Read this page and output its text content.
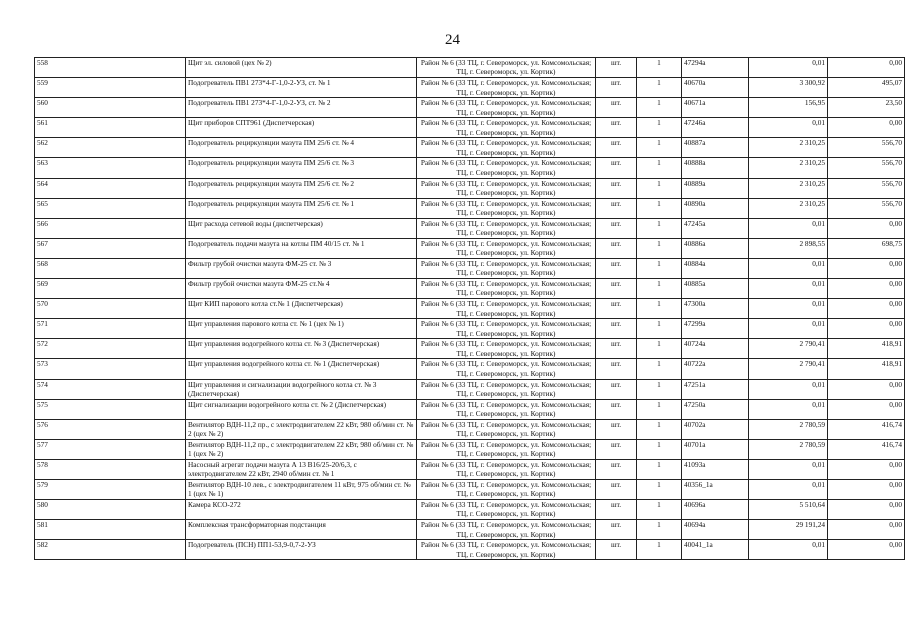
24
558	Щит эл. силовой (цех № 2)	Район № 6 (33 ТЦ, г. Североморск, ул. Комсомольская; ТЦ, г. Североморск, ул. Кортик)	шт.	1	47294а	0,01	0,00
559	Подогреватель ПВ1 273*4-Г-1,0-2-УЗ, ст. № 1	Район № 6 (33 ТЦ, г. Североморск, ул. Комсомольская; ТЦ, г. Североморск, ул. Кортик)	шт.	1	40670а	3 300,92	495,07
560	Подогреватель ПВ1 273*4-Г-1,0-2-УЗ, ст. № 2	Район № 6 (33 ТЦ, г. Североморск, ул. Комсомольская; ТЦ, г. Североморск, ул. Кортик)	шт.	1	40671а	156,95	23,50
561	Щит приборов СПТ961 (Диспетчерская)	Район № 6 (33 ТЦ, г. Североморск, ул. Комсомольская; ТЦ, г. Североморск, ул. Кортик)	шт.	1	47246а	0,01	0,00
562	Подогреватель рециркуляции мазута ПМ 25/6 ст. № 4	Район № 6 (33 ТЦ, г. Североморск, ул. Комсомольская; ТЦ, г. Североморск, ул. Кортик)	шт.	1	40887а	2 310,25	556,70
563	Подогреватель рециркуляции мазута ПМ 25/6 ст. № 3	Район № 6 (33 ТЦ, г. Североморск, ул. Комсомольская; ТЦ, г. Североморск, ул. Кортик)	шт.	1	40888а	2 310,25	556,70
564	Подогреватель рециркуляции мазута ПМ 25/6 ст. № 2	Район № 6 (33 ТЦ, г. Североморск, ул. Комсомольская; ТЦ, г. Североморск, ул. Кортик)	шт.	1	40889а	2 310,25	556,70
565	Подогреватель рециркуляции мазута ПМ 25/6 ст. № 1	Район № 6 (33 ТЦ, г. Североморск, ул. Комсомольская; ТЦ, г. Североморск, ул. Кортик)	шт.	1	40890а	2 310,25	556,70
566	Щит расхода сетевой воды (диспетчерская)	Район № 6 (33 ТЦ, г. Североморск, ул. Комсомольская; ТЦ, г. Североморск, ул. Кортик)	шт.	1	47245а	0,01	0,00
567	Подогреватель подачи мазута на котлы ПМ 40/15 ст. № 1	Район № 6 (33 ТЦ, г. Североморск, ул. Комсомольская; ТЦ, г. Североморск, ул. Кортик)	шт.	1	40886а	2 898,55	698,75
568	Фильтр грубой очистки мазута ФМ-25 ст. № 3	Район № 6 (33 ТЦ, г. Североморск, ул. Комсомольская; ТЦ, г. Североморск, ул. Кортик)	шт.	1	40884а	0,01	0,00
569	Фильтр грубой очистки мазута ФМ-25 ст.№ 4	Район № 6 (33 ТЦ, г. Североморск, ул. Комсомольская; ТЦ, г. Североморск, ул. Кортик)	шт.	1	40885а	0,01	0,00
570	Щит КИП парового котла ст.№ 1 (Диспетчерская)	Район № 6 (33 ТЦ, г. Североморск, ул. Комсомольская; ТЦ, г. Североморск, ул. Кортик)	шт.	1	47300а	0,01	0,00
571	Щит управления парового котла ст. № 1 (цех № 1)	Район № 6 (33 ТЦ, г. Североморск, ул. Комсомольская; ТЦ, г. Североморск, ул. Кортик)	шт.	1	47299а	0,01	0,00
572	Щит управления водогрейного котла ст. № 3 (Диспетчерская)	Район № 6 (33 ТЦ, г. Североморск, ул. Комсомольская; ТЦ, г. Североморск, ул. Кортик)	шт.	1	40724а	2 790,41	418,91
573	Щит управления водогрейного котла ст. № 1 (Диспетчерская)	Район № 6 (33 ТЦ, г. Североморск, ул. Комсомольская; ТЦ, г. Североморск, ул. Кортик)	шт.	1	40722а	2 790,41	418,91
574	Щит управления и сигнализации водогрейного котла ст. № 3 (Диспетчерская)	Район № 6 (33 ТЦ, г. Североморск, ул. Комсомольская; ТЦ, г. Североморск, ул. Кортик)	шт.	1	47251а	0,01	0,00
575	Щит сигнализации водогрейного котла ст. № 2 (Диспетчерская)	Район № 6 (33 ТЦ, г. Североморск, ул. Комсомольская; ТЦ, г. Североморск, ул. Кортик)	шт.	1	47250а	0,01	0,00
576	Вентилятор ВДН-11,2 пр., с электродвигателем 22 кВт, 980 об/мин ст. № 2 (цех № 2)	Район № 6 (33 ТЦ, г. Североморск, ул. Комсомольская; ТЦ, г. Североморск, ул. Кортик)	шт.	1	40702а	2 780,59	416,74
577	Вентилятор ВДН-11,2 пр., с электродвигателем 22 кВт, 980 об/мин ст. № 1 (цех № 2)	Район № 6 (33 ТЦ, г. Североморск, ул. Комсомольская; ТЦ, г. Североморск, ул. Кортик)	шт.	1	40701а	2 780,59	416,74
578	Насосный агрегат подачи мазута А 13 В16/25-20/6,3, с электродвигателем 22 кВт, 2940 об/мин ст. № 1	Район № 6 (33 ТЦ, г. Североморск, ул. Комсомольская; ТЦ, г. Североморск, ул. Кортик)	шт.	1	41093а	0,01	0,00
579	Вентилятор ВДН-10 лев., с электродвигателем 11 кВт, 975 об/мин ст. № 1 (цех № 1)	Район № 6 (33 ТЦ, г. Североморск, ул. Комсомольская; ТЦ, г. Североморск, ул. Кортик)	шт.	1	40356_1а	0,01	0,00
580	Камера КСО-272	Район № 6 (33 ТЦ, г. Североморск, ул. Комсомольская; ТЦ, г. Североморск, ул. Кортик)	шт.	1	40696а	5 510,64	0,00
581	Комплексная трансформаторная подстанция	Район № 6 (33 ТЦ, г. Североморск, ул. Комсомольская; ТЦ, г. Североморск, ул. Кортик)	шт.	1	40694а	29 191,24	0,00
582	Подогреватель (ПСН) ПП1-53,9-0,7-2-УЗ	Район № 6 (33 ТЦ, г. Североморск, ул. Комсомольская; ТЦ, г. Североморск, ул. Кортик)	шт.	1	40041_1а	0,01	0,00
